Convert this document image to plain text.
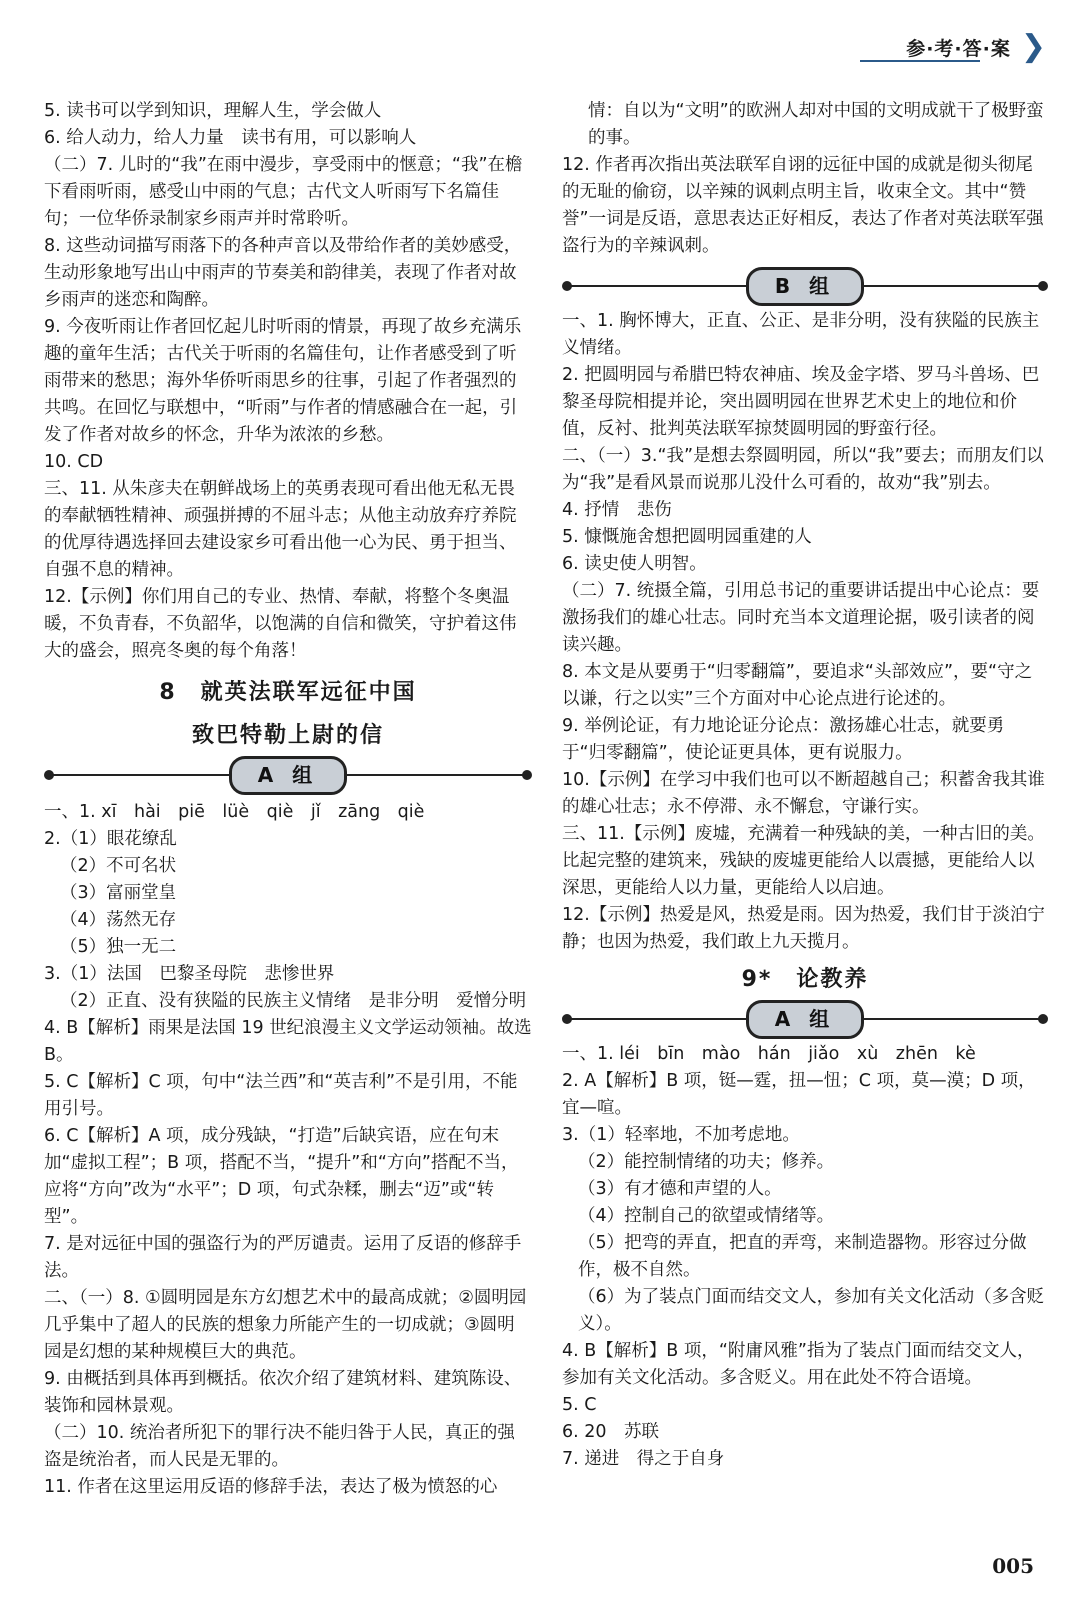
参·考·答·案 ❯
5. 读书可以学到知识，理解人生，学会做人
6. 给人动力，给人力量　读书有用，可以影响人
（二）7. 儿时的“我”在雨中漫步，享受雨中的惬意；“我”在檐下看雨听雨，感受山中雨的气息；古代文人听雨写下名篇佳句；一位华侨录制家乡雨声并时常聆听。
8. 这些动词描写雨落下的各种声音以及带给作者的美妙感受，生动形象地写出山中雨声的节奏美和韵律美，表现了作者对故乡雨声的迷恋和陶醉。
9. 今夜听雨让作者回忆起儿时听雨的情景，再现了故乡充满乐趣的童年生活；古代关于听雨的名篇佳句，让作者感受到了听雨带来的愁思；海外华侨听雨思乡的往事，引起了作者强烈的共鸣。在回忆与联想中，“听雨”与作者的情感融合在一起，引发了作者对故乡的怀念，升华为浓浓的乡愁。
10. CD
三、11. 从朱彦夫在朝鲜战场上的英勇表现可看出他无私无畏的奉献牺牲精神、顽强拼搏的不屈斗志；从他主动放弃疗养院的优厚待遇选择回去建设家乡可看出他一心为民、勇于担当、自强不息的精神。
12.【示例】你们用自己的专业、热情、奉献，将整个冬奥温暖，不负青春，不负韶华，以饱满的自信和微笑，守护着这伟大的盛会，照亮冬奥的每个角落！
8　就英法联军远征中国
致巴特勒上尉的信
A 组
一、1. xī　hài　piē　lüè　qiè　jǐ　zāng　qiè
2.（1）眼花缭乱
（2）不可名状
（3）富丽堂皇
（4）荡然无存
（5）独一无二
3.（1）法国　巴黎圣母院　悲惨世界
（2）正直、没有狭隘的民族主义情绪　是非分明　爱憎分明
4. B【解析】雨果是法国 19 世纪浪漫主义文学运动领袖。故选 B。
5. C【解析】C 项，句中“法兰西”和“英吉利”不是引用，不能用引号。
6. C【解析】A 项，成分残缺，“打造”后缺宾语，应在句末加“虚拟工程”；B 项，搭配不当，“提升”和“方向”搭配不当，应将“方向”改为“水平”；D 项，句式杂糅，删去“迈”或“转型”。
7. 是对远征中国的强盗行为的严厉谴责。运用了反语的修辞手法。
二、（一）8. ①圆明园是东方幻想艺术中的最高成就；②圆明园几乎集中了超人的民族的想象力所能产生的一切成就；③圆明园是幻想的某种规模巨大的典范。
9. 由概括到具体再到概括。依次介绍了建筑材料、建筑陈设、装饰和园林景观。
（二）10. 统治者所犯下的罪行决不能归咎于人民，真正的强盗是统治者，而人民是无罪的。
11. 作者在这里运用反语的修辞手法，表达了极为愤怒的心
情：自以为“文明”的欧洲人却对中国的文明成就干了极野蛮的事。
12. 作者再次指出英法联军自诩的远征中国的成就是彻头彻尾的无耻的偷窃，以辛辣的讽刺点明主旨，收束全文。其中“赞誉”一词是反语，意思表达正好相反，表达了作者对英法联军强盗行为的辛辣讽刺。
B 组
一、1. 胸怀博大，正直、公正、是非分明，没有狭隘的民族主义情绪。
2. 把圆明园与希腊巴特农神庙、埃及金字塔、罗马斗兽场、巴黎圣母院相提并论，突出圆明园在世界艺术史上的地位和价值，反衬、批判英法联军掠焚圆明园的野蛮行径。
二、（一）3.“我”是想去祭圆明园，所以“我”要去；而朋友们以为“我”是看风景而说那儿没什么可看的，故劝“我”别去。
4. 抒情　悲伤
5. 慷慨施舍想把圆明园重建的人
6. 读史使人明智。
（二）7. 统摄全篇，引用总书记的重要讲话提出中心论点：要激扬我们的雄心壮志。同时充当本文道理论据，吸引读者的阅读兴趣。
8. 本文是从要勇于“归零翻篇”，要追求“头部效应”，要“守之以谦，行之以实”三个方面对中心论点进行论述的。
9. 举例论证，有力地论证分论点：激扬雄心壮志，就要勇于“归零翻篇”，使论证更具体，更有说服力。
10.【示例】在学习中我们也可以不断超越自己；积蓄舍我其谁的雄心壮志；永不停滞、永不懈怠，守谦行实。
三、11.【示例】废墟，充满着一种残缺的美，一种古旧的美。比起完整的建筑来，残缺的废墟更能给人以震撼，更能给人以深思，更能给人以力量，更能给人以启迪。
12.【示例】热爱是风，热爱是雨。因为热爱，我们甘于淡泊宁静；也因为热爱，我们敢上九天揽月。
9*　论教养
A 组
一、1. léi　bīn　mào　hán　jiǎo　xù　zhēn　kè
2. A【解析】B 项，铤—霆，扭—忸；C 项，莫—漠；D 项，宜—喧。
3.（1）轻率地，不加考虑地。
（2）能控制情绪的功夫；修养。
（3）有才德和声望的人。
（4）控制自己的欲望或情绪等。
（5）把弯的弄直，把直的弄弯，来制造器物。形容过分做作，极不自然。
（6）为了装点门面而结交文人，参加有关文化活动（多含贬义）。
4. B【解析】B 项，“附庸风雅”指为了装点门面而结交文人，参加有关文化活动。多含贬义。用在此处不符合语境。
5. C
6. 20　苏联
7. 递进　得之于自身
005
